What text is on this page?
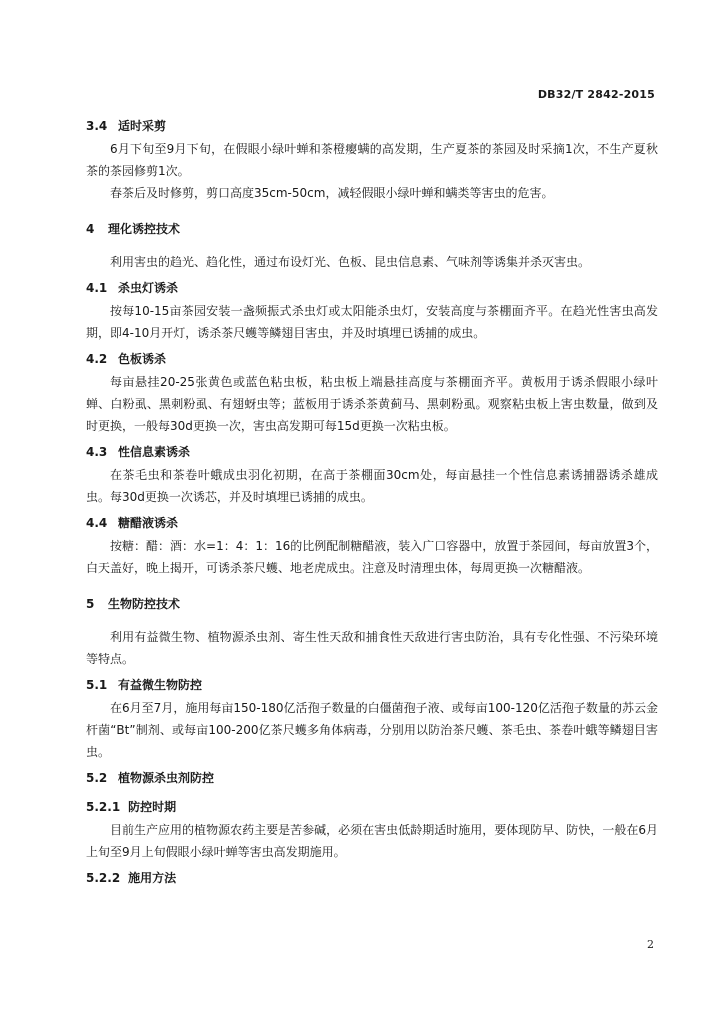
DB32/T 2842-2015
3.4 适时采剪

6月下旬至9月下旬，在假眼小绿叶蝉和茶橙瘿螨的高发期，生产夏茶的茶园及时采摘1次，不生产夏秋茶的茶园修剪1次。

春茶后及时修剪，剪口高度35cm-50cm，减轻假眼小绿叶蝉和螨类等害虫的危害。

4 理化诱控技术

利用害虫的趋光、趋化性，通过布设灯光、色板、昆虫信息素、气味剂等诱集并杀灭害虫。

4.1 杀虫灯诱杀

按每10-15亩茶园安装一盏频振式杀虫灯或太阳能杀虫灯，安装高度与茶棚面齐平。在趋光性害虫高发期，即4-10月开灯，诱杀茶尺蠖等鳞翅目害虫，并及时填埋已诱捕的成虫。

4.2 色板诱杀

每亩悬挂20-25张黄色或蓝色粘虫板，粘虫板上端悬挂高度与茶棚面齐平。黄板用于诱杀假眼小绿叶蝉、白粉虱、黑刺粉虱、有翅蚜虫等；蓝板用于诱杀茶黄蓟马、黑刺粉虱。观察粘虫板上害虫数量，做到及时更换，一般每30d更换一次，害虫高发期可每15d更换一次粘虫板。

4.3 性信息素诱杀

在茶毛虫和茶卷叶蛾成虫羽化初期，在高于茶棚面30cm处，每亩悬挂一个性信息素诱捕器诱杀雄成虫。每30d更换一次诱芯，并及时填埋已诱捕的成虫。

4.4 糖醋液诱杀

按糖：醋：酒：水=1：4：1：16的比例配制糖醋液，装入广口容器中，放置于茶园间，每亩放置3个，白天盖好，晚上揭开，可诱杀茶尺蠖、地老虎成虫。注意及时清理虫体，每周更换一次糖醋液。

5 生物防控技术

利用有益微生物、植物源杀虫剂、寄生性天敌和捕食性天敌进行害虫防治，具有专化性强、不污染环境等特点。

5.1 有益微生物防控

在6月至7月，施用每亩150-180亿活孢子数量的白僵菌孢子液、或每亩100-120亿活孢子数量的苏云金杆菌“Bt”制剂、或每亩100-200亿茶尺蠖多角体病毒，分别用以防治茶尺蠖、茶毛虫、茶卷叶蛾等鳞翅目害虫。

5.2 植物源杀虫剂防控
5.2.1 防控时期

目前生产应用的植物源农药主要是苦参碱，必须在害虫低龄期适时施用，要体现防早、防快，一般在6月上旬至9月上旬假眼小绿叶蝉等害虫高发期施用。

5.2.2 施用方法
2
